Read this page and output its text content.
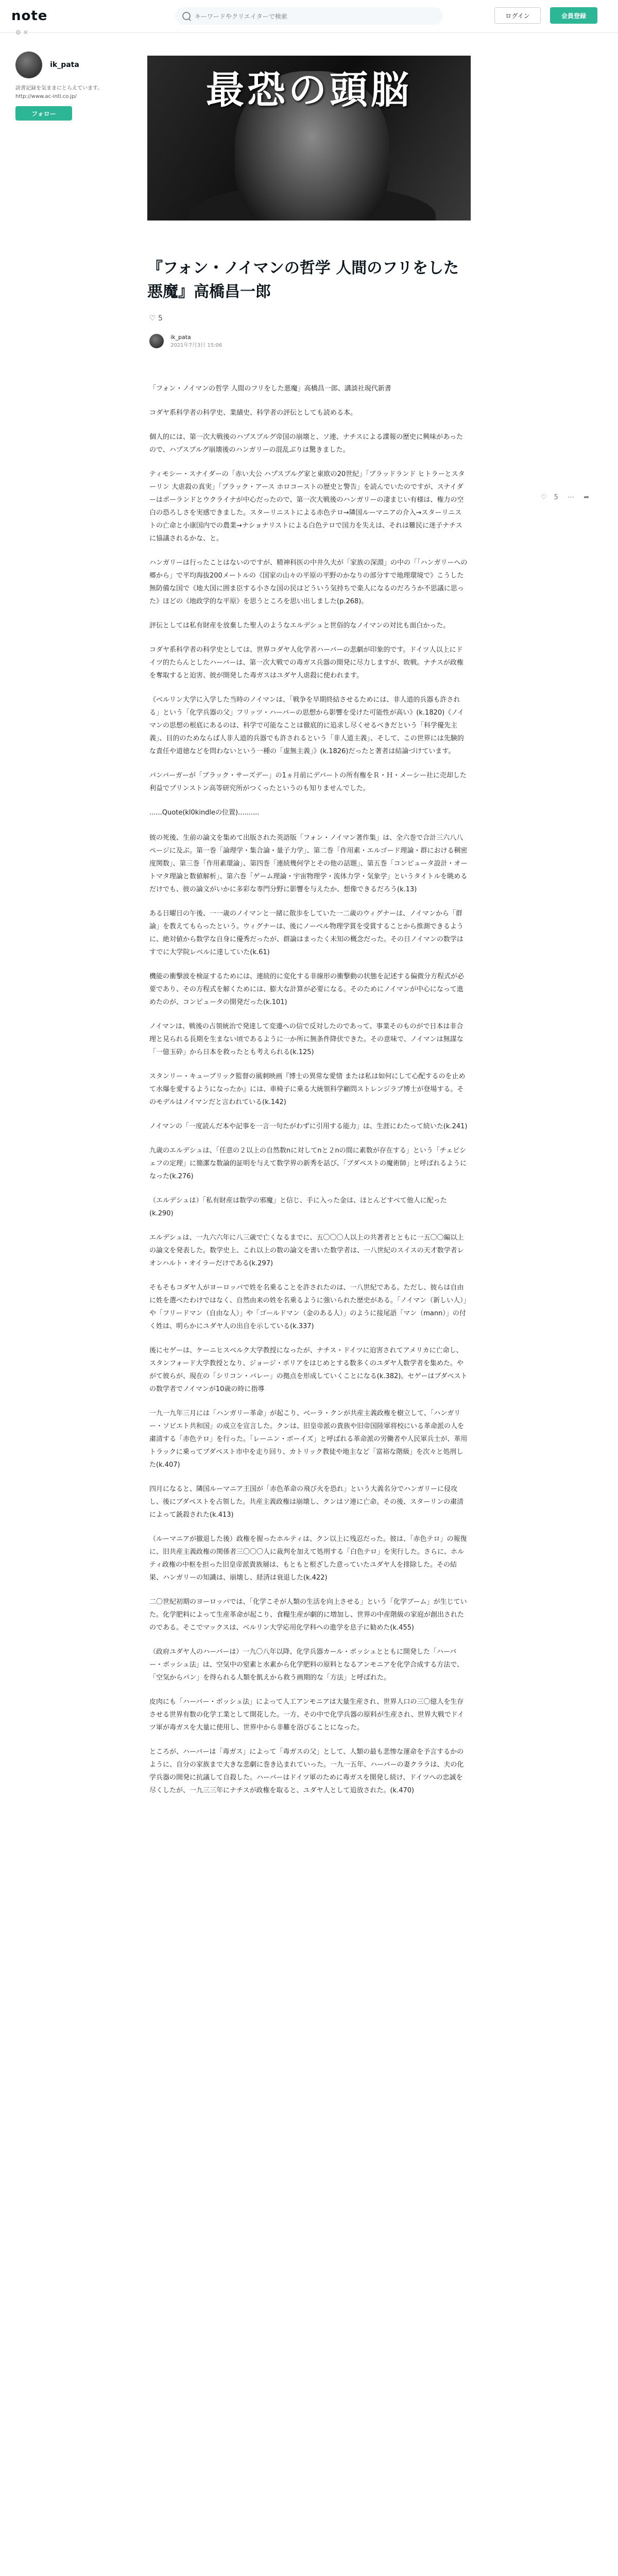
note
キーワードやクリエイターで検索	ログイン	会員登録
⚙ ✕
ik_pata
読書記録を気ままにとらえています。 http://www.ac-intl.co.jp/
フォロー
最恐の頭脳
『フォン・ノイマンの哲学 人間のフリをした悪魔』高橋昌一郎
♡ 5

ik_pata
2021年7月3日 15:06
♡ 5 ⋯ ➦

「フォン・ノイマンの哲学 人間のフリをした悪魔」高橋昌一郎、講談社現代新書

コダヤ系科学者の科学史、業績史、科学者の評伝としても読める本。

個人的には、第一次大戦後のハプスブルグ帝国の崩壊と、ソ連、ナチスによる諜報の歴史に興味があったので、ハプスブルグ崩壊後のハンガリーの混乱ぶりは驚きました。

ティモシー・スナイダーの「赤い大公 ハプスブルグ家と東欧の20世紀」「ブラッドランド ヒトラーとスターリン 大虐殺の真実」「ブラック・アース ホロコーストの歴史と警告」を読んでいたのですが、スナイダーはポーランドとウクライナが中心だったので、第一次大戦後のハンガリーの凄まじい有様は、権力の空白の恐ろしさを実感できました。スターリニストによる赤色テロ→隣国ルーマニアの介入→スターリニストの亡命と小康国内での農業→ナショナリストによる白色テロで国力を失えは、それは難民に迷子ナチスに協議されるかな、と。

ハンガリーは行ったことはないのですが、精神科医の中井久夫が「家族の深淵」の中の「「ハンガリーへの郷から」で平均海抜200メートルの《国家の山々の平原の平野のかなりの部分すで地理環境で》こうした無防備な国で《地大国に囲ま臣する小さな国の民はどういう気持ちで楽人になるのだろうか不思議に思った》ほどの《地政学的な平原》を思うところを思い出しました(p.268)。

評伝としては私有財産を放棄した聖人のようなエルデシュと世俗的なノイマンの対比も面白かった。

コダヤ系科学者の科学史としては、世界コダヤ人化学者ハーバーの悲劇が印象的です。ドイツ人以上にドイツ的たらんとしたハーバーは、第一次大戦での毒ガス兵器の開発に尽力しますが、敗戦。ナチスが政権を奪取すると迫害、彼が開発した毒ガスはユダヤ人虐殺に使われます。

《ベルリン大学に入学した当時のノイマンは、「戦争を早期終結させるためには、非人道的兵器も許される」という「化学兵器の父」フリッツ・ハーバーの思想から影響を受けた可能性が高い》(k.1820)《ノイマンの思想の根底にあるのは、科学で可能なことは徹底的に追求し尽くせるべきだという「科学優先主義」、目的のためならば人非人道的兵器でも許されるという「非人道主義」、そして、この世界には先験的な責任や道徳などを問わないという一種の「虚無主義」》(k.1826)だったと著者は結論づけています。

バンバーガーが「ブラック・サーズデー」の1ヵ月前にデパートの所有権をＲ・Ｈ・メーシー社に売却した利益でプリンストン高等研究所がつくったというのも知りませんでした。

......Quote(kl0kindleの位置)..........

彼の死後、生前の論文を集めて出版された英語版「フォン・ノイマン著作集」は、全六巻で合計三六八八ページに及ぶ。第一巻「論理学・集合論・量子力学」、第二巻「作用素・エルゴード理論・群における稠密度関数」、第三巻「作用素環論」、第四巻「連続幾何学とその他の話題」、第五巻「コンピュータ設計・オートマタ理論と数値解析」、第六巻「ゲーム理論・宇宙物理学・流体力学・気象学」というタイトルを眺めるだけでも、彼の論文がいかに多彩な専門分野に影響を与えたか、想像できるだろう(k.13)

ある日曜日の午後、一一歳のノイマンと一緒に散歩をしていた一二歳のウィグナーは、ノイマンから「群論」を教えてもらったという。ウィグナーは、後にノーベル物理学賞を受賞することから推測できるように、絶対値から数学な自身に優秀だったが、群論はまったく未知の概念だった。その日ノイマンの数学はすでに大学院レベルに達していた(k.61)

機能の衝撃波を検証するためには、連続的に変化する非線形の衝撃動の状態を記述する偏微分方程式が必要であり、その方程式を解くためには、膨大な計算が必要になる。そのためにノイマンが中心になって進めたのが、コンピュータの開発だった(k.101)

ノイマンは、戦後の占領統治で発達して変遷への信で反対したのであって、事業そのものがで日本は非合理と見られる長期を生まない頃であるように一か所に無条件降伏できた。その意味で、ノイマンは無謀な「一億玉砕」から日本を救ったとも考えられる(k.125)

スタンリー・キューブリック監督の風刺映画『博士の異常な愛情 または私は如何にして心配するのを止めて水爆を愛するようになったか』には、車椅子に乗る大統領科学顧問ストレンジラブ博士が登場する。そのモデルはノイマンだと言われている(k.142)

ノイマンの「一度読んだ本や記事を一言一句たがわずに引用する能力」は、生涯にわたって続いた(k.241)

九歳のエルデシュは、「任意の２以上の自然数nに対してnと２nの間に素数が存在する」という「チェビシェフの定理」に簡潔な数論的証明を与えて数学界の新秀を話び、「ブダペストの魔術師」と呼ばれるようになった(k.276)

（エルデシュは）「私有財産は数学の邪魔」と信じ、手に入った金は、ほとんどすべて他人に配った(k.290)

エルデシュは、一九六六年に八三歳で亡くなるまでに、五〇〇〇人以上の共著者とともに一五〇〇編以上の論文を発表した。数学史上、これ以上の数の論文を書いた数学者は、一八世紀のスイスの天才数学者レオンハルト・オイラーだけである(k.297)

そもそもコダヤ人がヨーロッパで姓を名乗ることを許されたのは、一八世紀である。ただし、彼らは自由に姓を選べたわけではなく、自然由来の姓を名乗るように強いられた歴史がある。「ノイマン（新しい人）」や「フリードマン（自由な人）」や「ゴールドマン（金のある人）」のように接尾語「マン（mann）」の付く姓は、明らかにユダヤ人の出自を示している(k.337)

後にセゲーは、ケーニヒスベルク大学教授になったが、ナチス・ドイツに迫害されてアメリカに亡命し、スタンフォード大学教授となり、ジョージ・ポリアをはじめとする数多くのユダヤ人数学者を集めた。やがて彼らが、現在の「シリコン・バレー」の拠点を形成していくことになる(k.382)。セゲーはブダペストの数学者でノイマンが10歳の時に指導

一九一九年三月には「ハンガリー革命」が起こり、ベーラ・クンが共産主義政権を樹立して、「ハンガリー・ソビエト共和国」の成立を宣言した。クンは、旧皇帝派の貴族や旧帝国陸軍将校にいる革命派の人を粛清する「赤色テロ」を行った。「レーニン・ボーイズ」と呼ばれる革命派の労働者や人民軍兵士が、革用トラックに乗ってブダペスト市中を走り回り、カトリック教徒や地主など「富裕な階級」を次々と処刑した(k.407)

四月になると、隣国ルーマニア王国が「赤色革命の飛び火を恐れ」という大義名分でハンガリーに侵攻し、後にブダペストを占領した。共産主義政権は崩壊し、クンはソ連に亡命。その後、スターリンの粛清によって銃殺された(k.413)

（ルーマニアが撤退した後）政権を握ったホルティは、クン以上に残忍だった。彼は、「赤色テロ」の報復に、旧共産主義政権の関係者三〇〇〇人に裁判を加えて処刑する「白色テロ」を実行した。さらに、ホルティ政権の中枢を担った旧皇帝派貴族層は、もともと根ざした意っていたユダヤ人を排除した。その結果、ハンガリーの知識は、崩壊し、経済は衰退した(k.422)

二〇世紀初期のヨーロッパでは、「化学こそが人類の生活を向上させる」という「化学ブーム」が生じていた。化学肥料によって生産革命が起こり、食糧生産が劇的に増加し、世界の中産階級の家庭が創出されたのである。そこでマックスは、ベルリン大学応用化学科への進学を息子に勧めた(k.455)

（政府ユダヤ人のハーバーは）一九〇八年以降、化学兵器カール・ボッシュとともに開発した「ハーバー・ボッシュ法」は、空気中の窒素と水素から化学肥料の原料となるアンモニアを化学合成する方法で、「空気からパン」を得られる人類を飢えから救う画期的な「方法」と呼ばれた。

皮肉にも「ハーバー・ボッシュ法」によって人工アンモニアは大量生産され、世界人口の三〇億人を生存させる世界有数の化学工業として開花した。一方、その中で化学兵器の原料が生産され、世界大戦でドイツ軍が毒ガスを大量に使用し、世界中から非難を浴びることになった。

ところが、ハーバーは「毒ガス」によって「毒ガスの父」として、人類の最も悲惨な運命を予言するかのように、自分の家族まで大きな悲劇に巻き込まれていった。一九一五年、ハーバーの妻クララは、夫の化学兵器の開発に抗議して自殺した。ハーバーはドイツ軍のために毒ガスを開発し続け、ドイツへの忠誠を尽くしたが、一九三三年にナチスが政権を取ると、ユダヤ人として追放された。(k.470)
